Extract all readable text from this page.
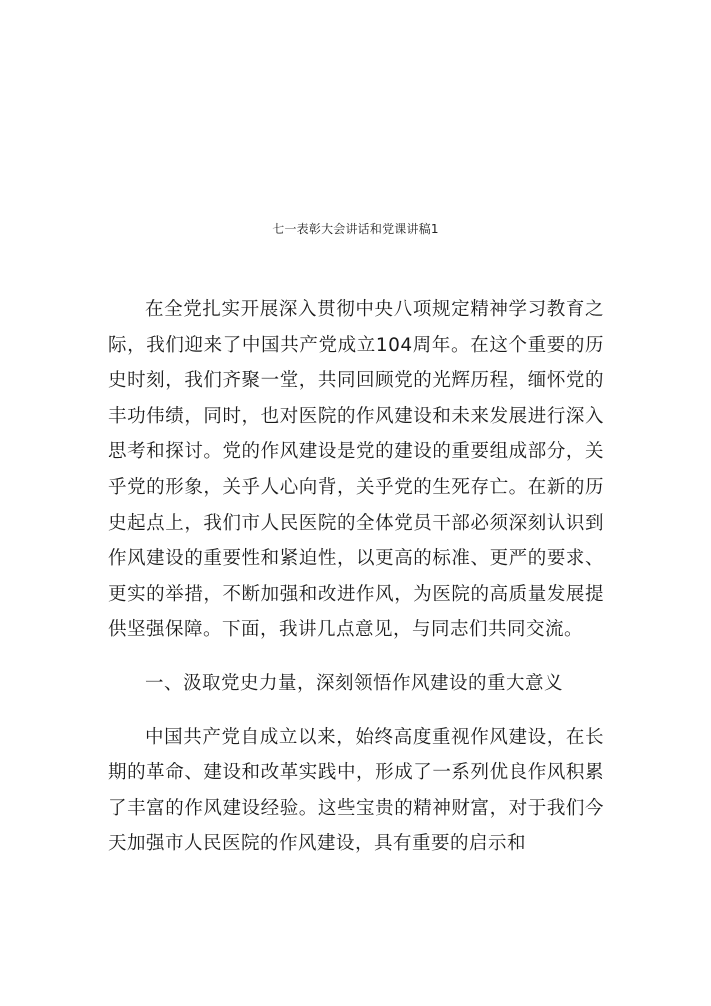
七一表彰大会讲话和党课讲稿1

在全党扎实开展深入贯彻中央八项规定精神学习教育之际，我们迎来了中国共产党成立104周年。在这个重要的历史时刻，我们齐聚一堂，共同回顾党的光辉历程，缅怀党的丰功伟绩，同时，也对医院的作风建设和未来发展进行深入思考和探讨。党的作风建设是党的建设的重要组成部分，关乎党的形象，关乎人心向背，关乎党的生死存亡。在新的历史起点上，我们市人民医院的全体党员干部必须深刻认识到作风建设的重要性和紧迫性，以更高的标准、更严的要求、更实的举措，不断加强和改进作风，为医院的高质量发展提供坚强保障。下面，我讲几点意见，与同志们共同交流。

一、汲取党史力量，深刻领悟作风建设的重大意义

中国共产党自成立以来，始终高度重视作风建设，在长期的革命、建设和改革实践中，形成了一系列优良作风积累了丰富的作风建设经验。这些宝贵的精神财富，对于我们今天加强市人民医院的作风建设，具有重要的启示和
